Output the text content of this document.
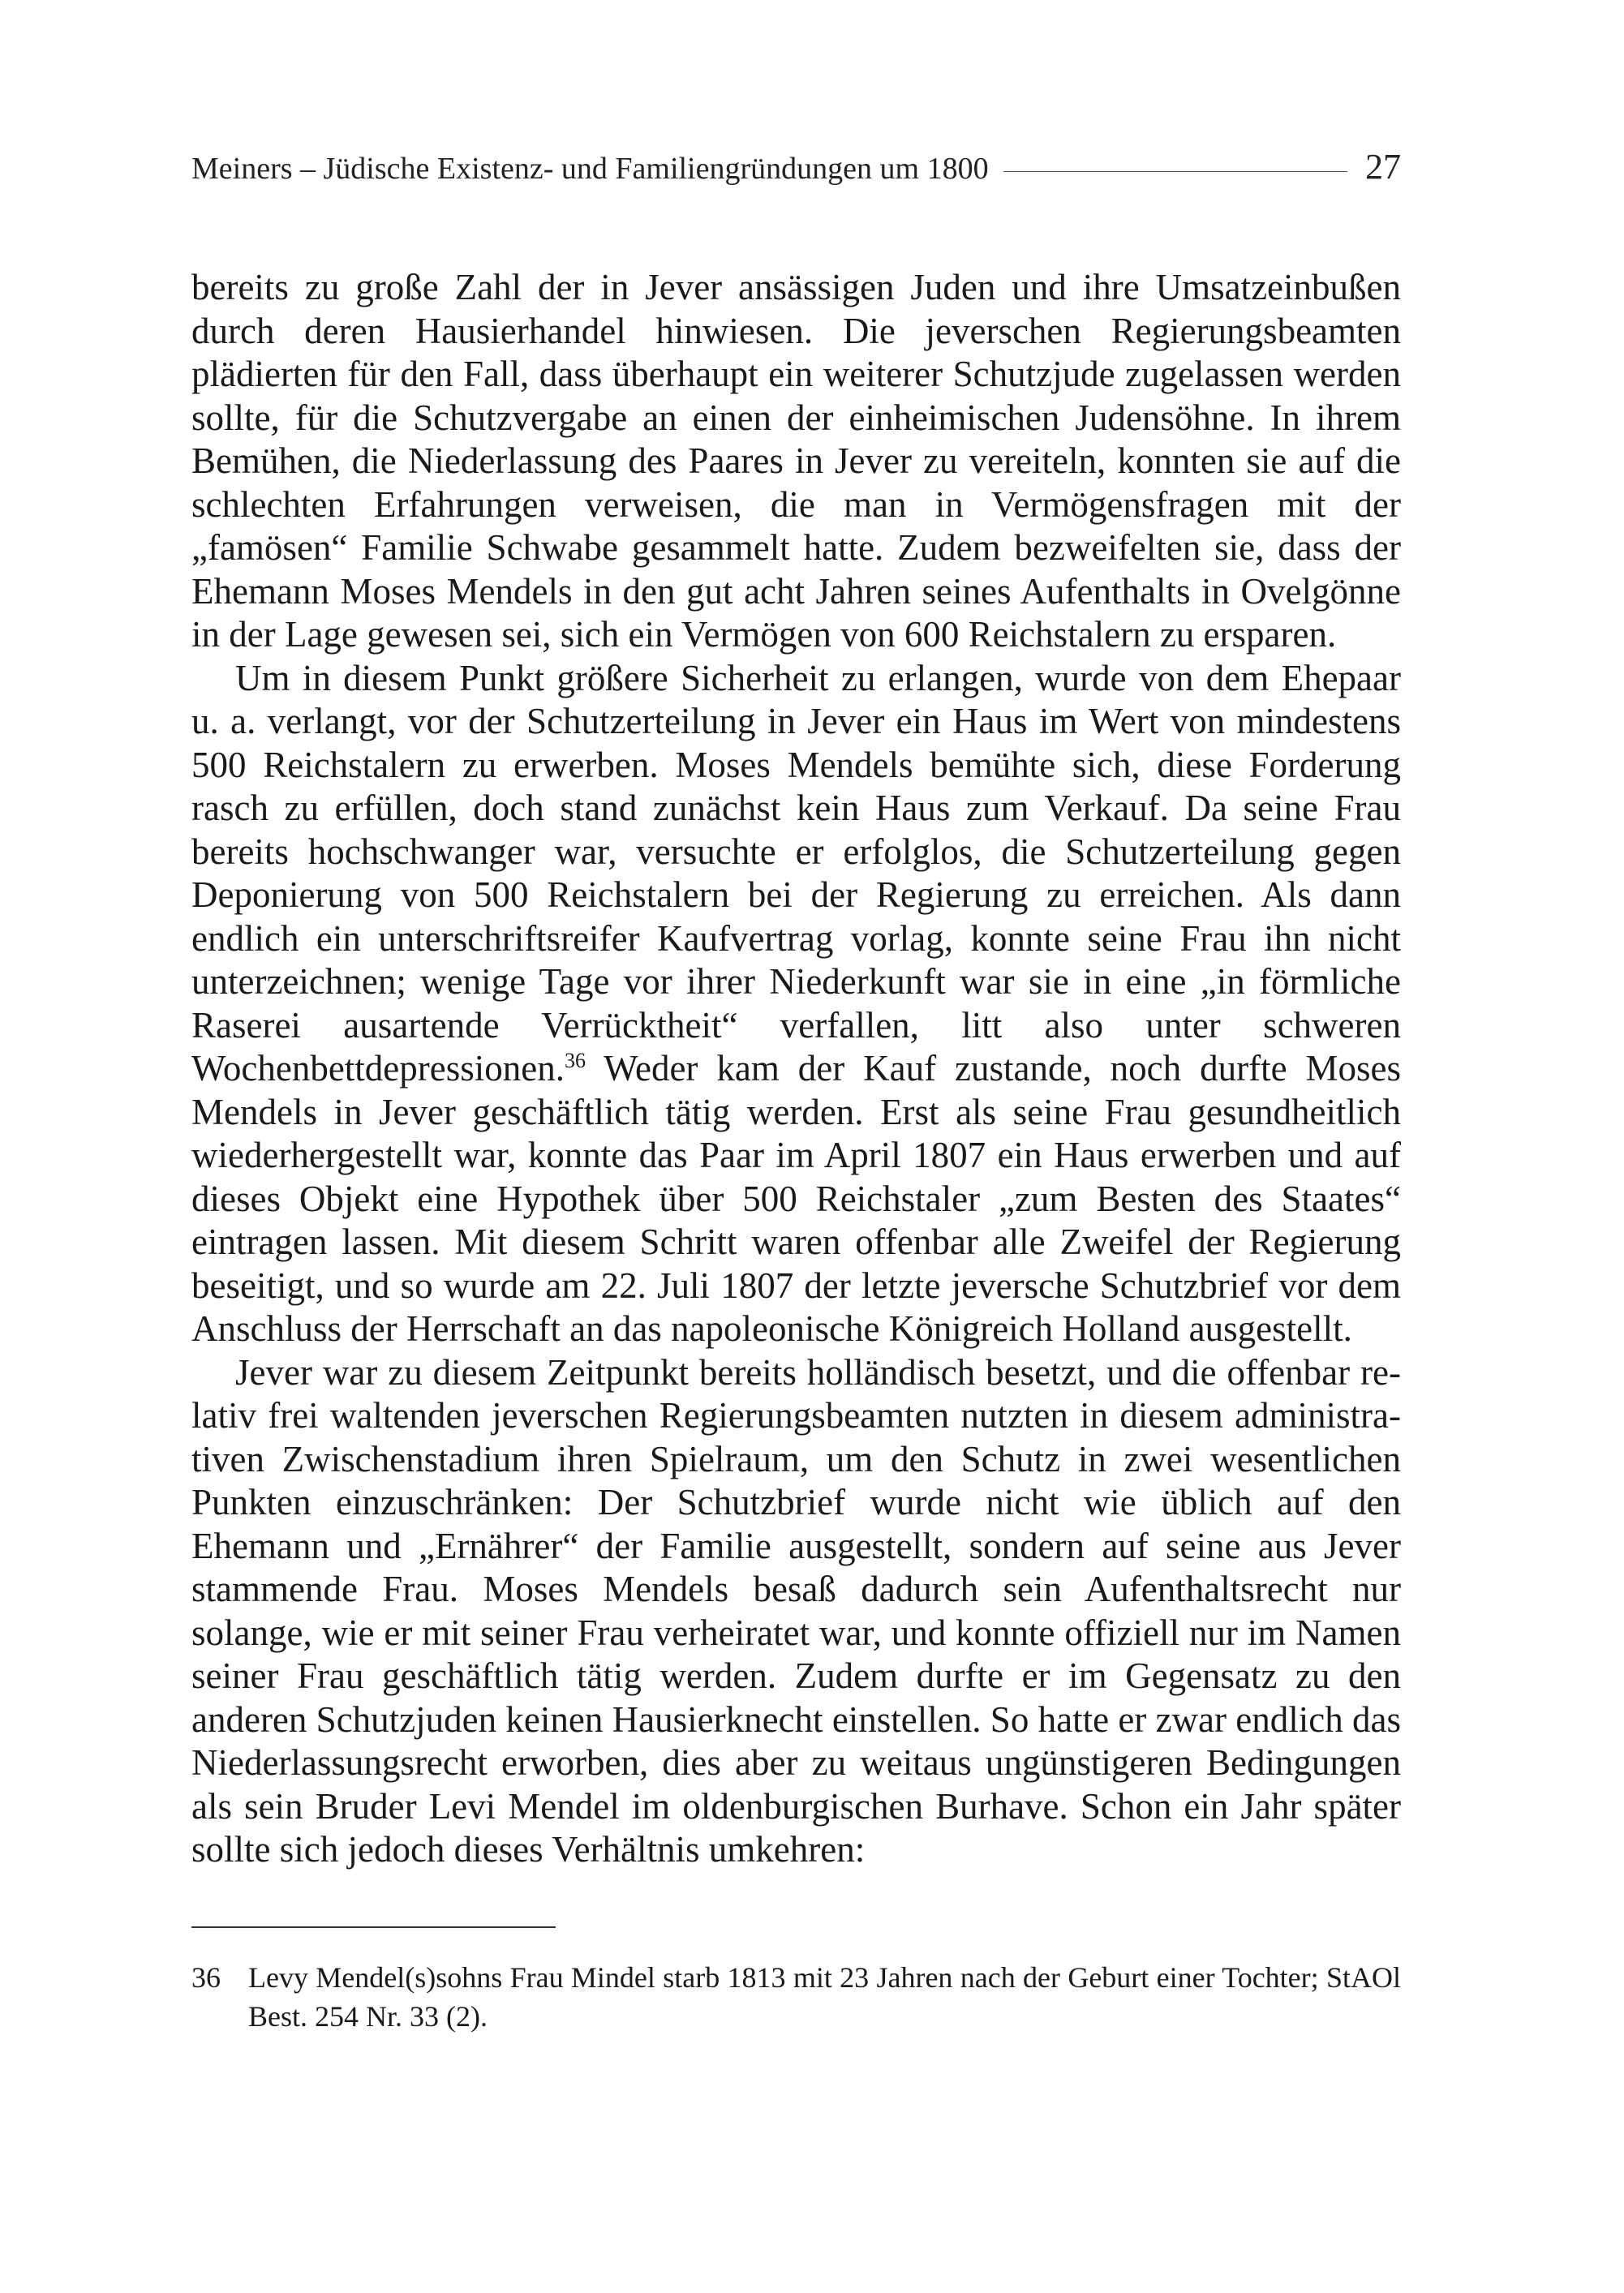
Meiners – Jüdische Existenz- und Familiengründungen um 1800	27

bereits zu große Zahl der in Jever ansässigen Juden und ihre Umsatzeinbußen durch deren Hausierhandel hinwiesen. Die jeverschen Regierungsbeamten plädierten für den Fall, dass überhaupt ein weiterer Schutzjude zugelassen werden sollte, für die Schutzvergabe an einen der einheimischen Judensöhne. In ihrem Bemühen, die Niederlassung des Paares in Jever zu vereiteln, konnten sie auf die schlechten Erfahrungen verweisen, die man in Vermögensfragen mit der „famösen“ Familie Schwabe gesammelt hatte. Zudem bezweifelten sie, dass der Ehemann Moses Mendels in den gut acht Jahren seines Aufenthalts in Ovelgönne in der Lage gewesen sei, sich ein Vermögen von 600 Reichstalern zu ersparen.

Um in diesem Punkt größere Sicherheit zu erlangen, wurde von dem Ehepaar u. a. verlangt, vor der Schutzerteilung in Jever ein Haus im Wert von mindestens 500 Reichstalern zu erwerben. Moses Mendels bemühte sich, diese Forderung rasch zu erfüllen, doch stand zunächst kein Haus zum Verkauf. Da seine Frau bereits hochschwanger war, versuchte er erfolglos, die Schutzerteilung gegen Deponierung von 500 Reichstalern bei der Regierung zu erreichen. Als dann endlich ein unterschriftsreifer Kaufvertrag vorlag, konnte seine Frau ihn nicht unterzeichnen; wenige Tage vor ihrer Niederkunft war sie in eine „in förmliche Raserei ausartende Verrücktheit“ verfallen, litt also unter schweren Wochenbettdepressionen.$^{36}$ Weder kam der Kauf zustande, noch durfte Moses Mendels in Jever geschäftlich tätig werden. Erst als seine Frau gesundheitlich wiederhergestellt war, konnte das Paar im April 1807 ein Haus erwerben und auf dieses Objekt eine Hypothek über 500 Reichstaler „zum Besten des Staates“ eintragen lassen. Mit diesem Schritt waren offenbar alle Zweifel der Regierung beseitigt, und so wurde am 22. Juli 1807 der letzte jeversche Schutzbrief vor dem Anschluss der Herrschaft an das napoleonische Königreich Holland ausgestellt.

Jever war zu diesem Zeitpunkt bereits holländisch besetzt, und die offenbar relativ frei waltenden jeverschen Regierungsbeamten nutzten in diesem administrativen Zwischenstadium ihren Spielraum, um den Schutz in zwei wesentlichen Punkten einzuschränken: Der Schutzbrief wurde nicht wie üblich auf den Ehemann und „Ernährer“ der Familie ausgestellt, sondern auf seine aus Jever stammende Frau. Moses Mendels besaß dadurch sein Aufenthaltsrecht nur solange, wie er mit seiner Frau verheiratet war, und konnte offiziell nur im Namen seiner Frau geschäftlich tätig werden. Zudem durfte er im Gegensatz zu den anderen Schutzjuden keinen Hausierknecht einstellen. So hatte er zwar endlich das Niederlassungsrecht erworben, dies aber zu weitaus ungünstigeren Bedingungen als sein Bruder Levi Mendel im oldenburgischen Burhave. Schon ein Jahr später sollte sich jedoch dieses Verhältnis umkehren:

36 Levy Mendel(s)sohns Frau Mindel starb 1813 mit 23 Jahren nach der Geburt einer Tochter; StAOl Best. 254 Nr. 33 (2).
